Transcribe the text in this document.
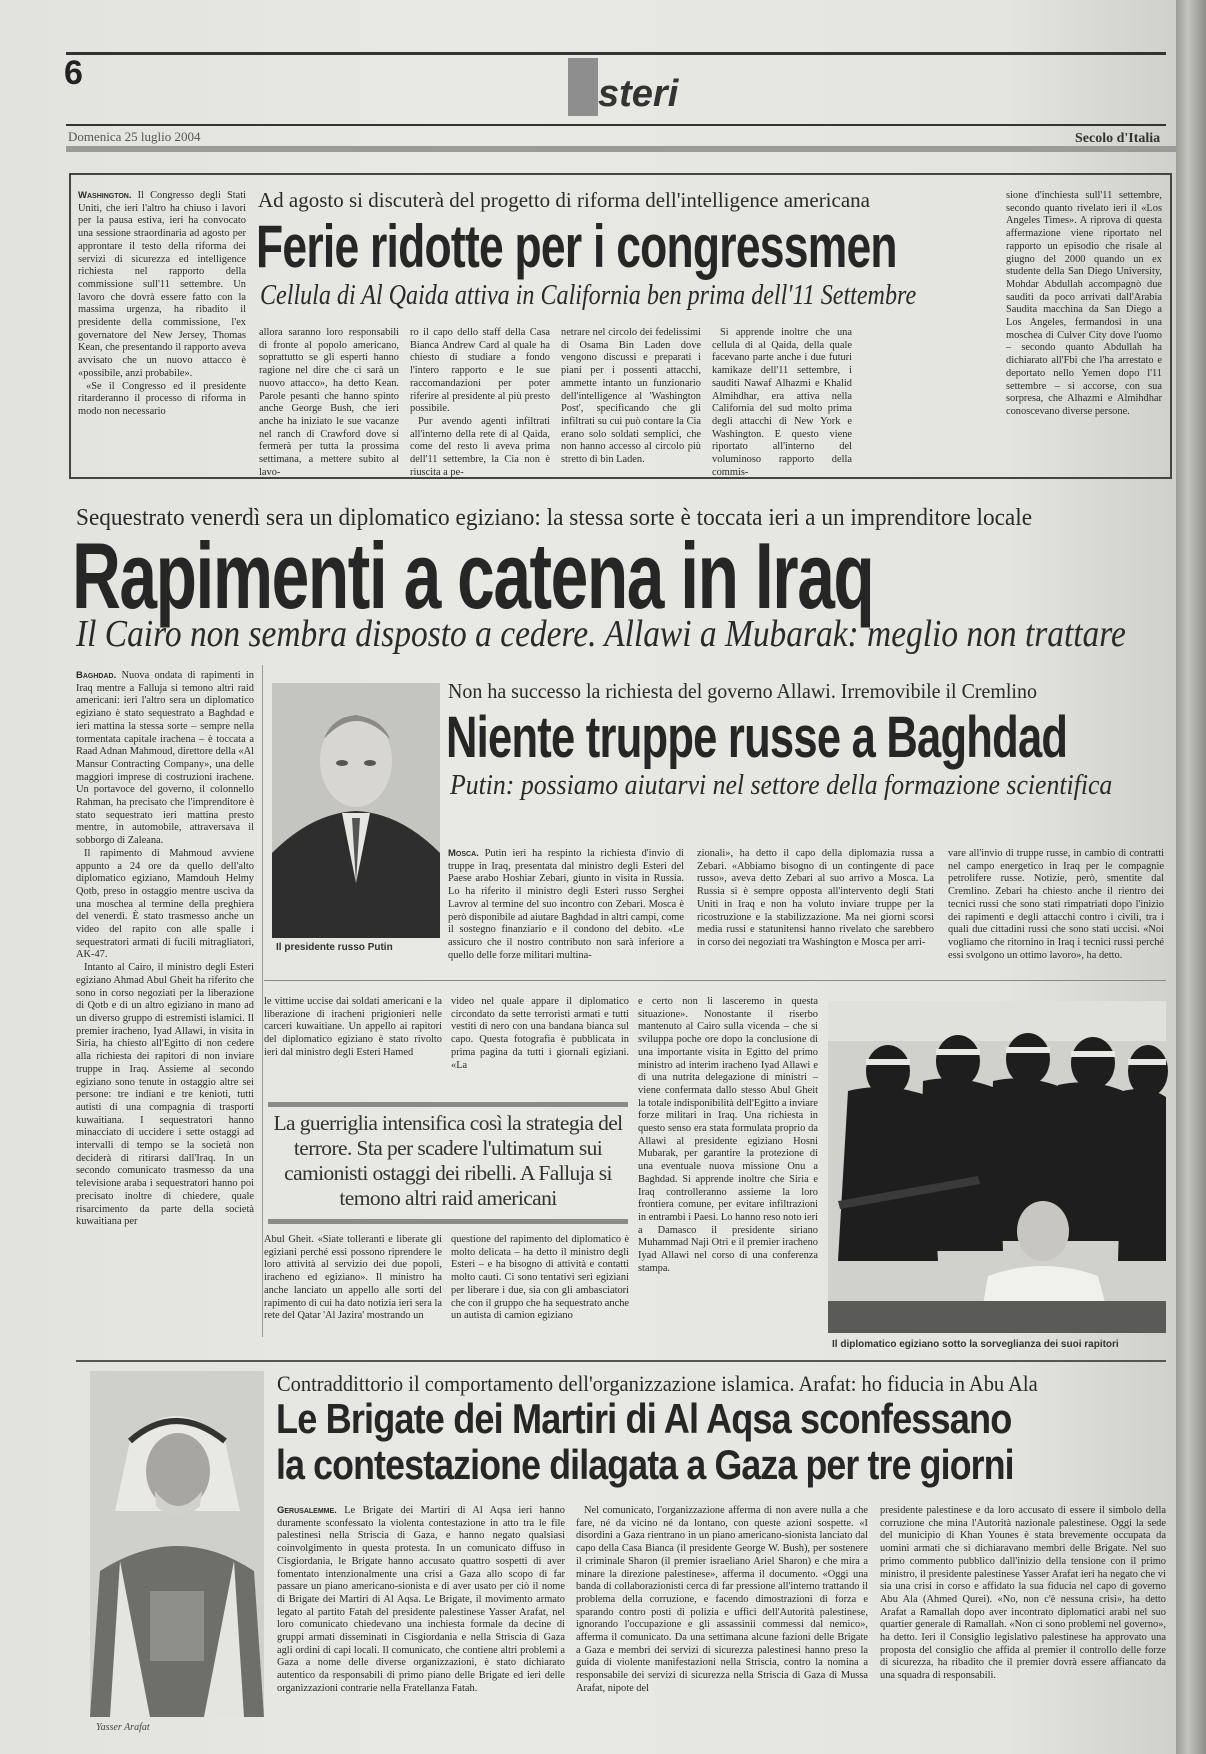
6	steri
Domenica 25 luglio 2004	Secolo d'Italia

Washington. Il Congresso degli Stati Uniti, che ieri l'altro ha chiuso i lavori per la pausa estiva, ieri ha convocato una sessione straordinaria ad agosto per approntare il testo della riforma dei servizi di sicurezza ed intelligence richiesta nel rapporto della commissione sull'11 settembre. Un lavoro che dovrà essere fatto con la massima urgenza, ha ribadito il presidente della commissione, l'ex governatore del New Jersey, Thomas Kean, che presentando il rapporto aveva avvisato che un nuovo attacco è «possibile, anzi probabile».

«Se il Congresso ed il presidente ritarderanno il processo di riforma in modo non necessario

Ad agosto si discuterà del progetto di riforma dell'intelligence americana
Ferie ridotte per i congressmen
Cellula di Al Qaida attiva in California ben prima dell'11 Settembre

allora saranno loro responsabili di fronte al popolo americano, soprattutto se gli esperti hanno ragione nel dire che ci sarà un nuovo attacco», ha detto Kean. Parole pesanti che hanno spinto anche George Bush, che ieri anche ha iniziato le sue vacanze nel ranch di Crawford dove si fermerà per tutta la prossima settimana, a mettere subito al lavo-

ro il capo dello staff della Casa Bianca Andrew Card al quale ha chiesto di studiare a fondo l'intero rapporto e le sue raccomandazioni per poter riferire al presidente al più presto possibile.

Pur avendo agenti infiltrati all'interno della rete di al Qaida, come del resto li aveva prima dell'11 settembre, la Cia non è riuscita a pe-

netrare nel circolo dei fedelissimi di Osama Bin Laden dove vengono discussi e preparati i piani per i possenti attacchi, ammette intanto un funzionario dell'intelligence al 'Washington Post', specificando che gli infiltrati su cui può contare la Cia erano solo soldati semplici, che non hanno accesso al circolo più stretto di bin Laden.

Si apprende inoltre che una cellula di al Qaida, della quale facevano parte anche i due futuri kamikaze dell'11 settembre, i sauditi Nawaf Alhazmi e Khalid Almihdhar, era attiva nella California del sud molto prima degli attacchi di New York e Washington. E questo viene riportato all'interno del voluminoso rapporto della commis-

sione d'inchiesta sull'11 settembre, secondo quanto rivelato ieri il «Los Angeles Times». A riprova di questa affermazione viene riportato nel rapporto un episodio che risale al giugno del 2000 quando un ex studente della San Diego University, Mohdar Abdullah accompagnò due sauditi da poco arrivati dall'Arabia Saudita macchina da San Diego a Los Angeles, fermandosi in una moschea di Culver City dove l'uomo – secondo quanto Abdullah ha dichiarato all'Fbi che l'ha arrestato e deportato nello Yemen dopo l'11 settembre – si accorse, con sua sorpresa, che Alhazmi e Almihdhar conoscevano diverse persone.

Sequestrato venerdì sera un diplomatico egiziano: la stessa sorte è toccata ieri a un imprenditore locale
Rapimenti a catena in Iraq
Il Cairo non sembra disposto a cedere. Allawi a Mubarak: meglio non trattare

Baghdad. Nuova ondata di rapimenti in Iraq mentre a Falluja si temono altri raid americani: ieri l'altro sera un diplomatico egiziano è stato sequestrato a Baghdad e ieri mattina la stessa sorte – sempre nella tormentata capitale irachena – è toccata a Raad Adnan Mahmoud, direttore della «Al Mansur Contracting Company», una delle maggiori imprese di costruzioni irachene. Un portavoce del governo, il colonnello Rahman, ha precisato che l'imprenditore è stato sequestrato ieri mattina presto mentre, in automobile, attraversava il sobborgo di Zaleana.

Il rapimento di Mahmoud avviene appunto a 24 ore da quello dell'alto diplomatico egiziano, Mamdouh Helmy Qotb, preso in ostaggio mentre usciva da una moschea al termine della preghiera del venerdì. È stato trasmesso anche un video del rapito con alle spalle i sequestratori armati di fucili mitragliatori, AK-47.

Intanto al Cairo, il ministro degli Esteri egiziano Ahmad Abul Gheit ha riferito che sono in corso negoziati per la liberazione di Qotb e di un altro egiziano in mano ad un diverso gruppo di estremisti islamici. Il premier iracheno, Iyad Allawi, in visita in Siria, ha chiesto all'Egitto di non cedere alla richiesta dei rapitori di non inviare truppe in Iraq. Assieme al secondo egiziano sono tenute in ostaggio altre sei persone: tre indiani e tre kenioti, tutti autisti di una compagnia di trasporti kuwaitiana. I sequestratori hanno minacciato di uccidere i sette ostaggi ad intervalli di tempo se la società non deciderà di ritirarsi dall'Iraq. In un secondo comunicato trasmesso da una televisione araba i sequestratori hanno poi precisato inoltre di chiedere, quale risarcimento da parte della società kuwaitiana per

Il presidente russo Putin
Non ha successo la richiesta del governo Allawi. Irremovibile il Cremlino
Niente truppe russe a Baghdad
Putin: possiamo aiutarvi nel settore della formazione scientifica

Mosca. Putin ieri ha respinto la richiesta d'invio di truppe in Iraq, presentata dal ministro degli Esteri del Paese arabo Hoshiar Zebari, giunto in visita in Russia. Lo ha riferito il ministro degli Esteri russo Serghei Lavrov al termine del suo incontro con Zebari. Mosca è però disponibile ad aiutare Baghdad in altri campi, come il sostegno finanziario e il condono del debito. «Le assicuro che il nostro contributo non sarà inferiore a quello delle forze militari multina-

zionali», ha detto il capo della diplomazia russa a Zebari. «Abbiamo bisogno di un contingente di pace russo», aveva detto Zebari al suo arrivo a Mosca. La Russia si è sempre opposta all'intervento degli Stati Uniti in Iraq e non ha voluto inviare truppe per la ricostruzione e la stabilizzazione. Ma nei giorni scorsi media russi e statunitensi hanno rivelato che sarebbero in corso dei negoziati tra Washington e Mosca per arri-

vare all'invio di truppe russe, in cambio di contratti nel campo energetico in Iraq per le compagnie petrolifere russe. Notizie, però, smentite dal Cremlino. Zebari ha chiesto anche il rientro dei tecnici russi che sono stati rimpatriati dopo l'inizio dei rapimenti e degli attacchi contro i civili, tra i quali due cittadini russi che sono stati uccisi. «Noi vogliamo che ritornino in Iraq i tecnici russi perché essi svolgono un ottimo lavoro», ha detto.

le vittime uccise dai soldati americani e la liberazione di iracheni prigionieri nelle carceri kuwaitiane. Un appello ai rapitori del diplomatico egiziano è stato rivolto ieri dal ministro degli Esteri Hamed

video nel quale appare il diplomatico circondato da sette terroristi armati e tutti vestiti di nero con una bandana bianca sul capo. Questa fotografia è pubblicata in prima pagina da tutti i giornali egiziani. «La

e certo non li lasceremo in questa situazione». Nonostante il riserbo mantenuto al Cairo sulla vicenda – che si sviluppa poche ore dopo la conclusione di una importante visita in Egitto del primo ministro ad interim iracheno Iyad Allawi e di una nutrita delegazione di ministri – viene confermata dallo stesso Abul Gheit la totale indisponibilità dell'Egitto a inviare forze militari in Iraq. Una richiesta in questo senso era stata formulata proprio da Allawi al presidente egiziano Hosni Mubarak, per garantire la protezione di una eventuale nuova missione Onu a Baghdad. Si apprende inoltre che Siria e Iraq controlleranno assieme la loro frontiera comune, per evitare infiltrazioni in entrambi i Paesi. Lo hanno reso noto ieri a Damasco il presidente siriano Muhammad Naji Otri e il premier iracheno Iyad Allawi nel corso di una conferenza stampa.

La guerriglia intensifica così la strategia del terrore. Sta per scadere l'ultimatum sui camionisti ostaggi dei ribelli. A Falluja si temono altri raid americani

Abul Gheit. «Siate tolleranti e liberate gli egiziani perché essi possono riprendere le loro attività al servizio dei due popoli, iracheno ed egiziano». Il ministro ha anche lanciato un appello alle sorti del rapimento di cui ha dato notizia ieri sera la rete del Qatar 'Al Jazira' mostrando un

questione del rapimento del diplomatico è molto delicata – ha detto il ministro degli Esteri – e ha bisogno di attività e contatti molto cauti. Ci sono tentativi seri egiziani per liberare i due, sia con gli ambasciatori che con il gruppo che ha sequestrato anche un autista di camion egiziano

Il diplomatico egiziano sotto la sorveglianza dei suoi rapitori
Yasser Arafat
Contraddittorio il comportamento dell'organizzazione islamica. Arafat: ho fiducia in Abu Ala
Le Brigate dei Martiri di Al Aqsa sconfessano
la contestazione dilagata a Gaza per tre giorni

Gerusalemme. Le Brigate dei Martiri di Al Aqsa ieri hanno duramente sconfessato la violenta contestazione in atto tra le file palestinesi nella Striscia di Gaza, e hanno negato qualsiasi coinvolgimento in questa protesta. In un comunicato diffuso in Cisgiordania, le Brigate hanno accusato quattro sospetti di aver fomentato intenzionalmente una crisi a Gaza allo scopo di far passare un piano americano-sionista e di aver usato per ciò il nome di Brigate dei Martiri di Al Aqsa. Le Brigate, il movimento armato legato al partito Fatah del presidente palestinese Yasser Arafat, nel loro comunicato chiedevano una inchiesta formale da decine di gruppi armati disseminati in Cisgiordania e nella Striscia di Gaza agli ordini di capi locali. Il comunicato, che contiene altri problemi a Gaza a nome delle diverse organizzazioni, è stato dichiarato autentico da responsabili di primo piano delle Brigate ed ieri delle organizzazioni contrarie nella Fratellanza Fatah.

Nel comunicato, l'organizzazione afferma di non avere nulla a che fare, né da vicino né da lontano, con queste azioni sospette. «I disordini a Gaza rientrano in un piano americano-sionista lanciato dal capo della Casa Bianca (il presidente George W. Bush), per sostenere il criminale Sharon (il premier israeliano Ariel Sharon) e che mira a minare la direzione palestinese», afferma il documento. «Oggi una banda di collaborazionisti cerca di far pressione all'interno trattando il problema della corruzione, e facendo dimostrazioni di forza e sparando contro posti di polizia e uffici dell'Autorità palestinese, ignorando l'occupazione e gli assassinii commessi dal nemico», afferma il comunicato. Da una settimana alcune fazioni delle Brigate a Gaza e membri dei servizi di sicurezza palestinesi hanno preso la guida di violente manifestazioni nella Striscia, contro la nomina a responsabile dei servizi di sicurezza nella Striscia di Gaza di Mussa Arafat, nipote del

presidente palestinese e da loro accusato di essere il simbolo della corruzione che mina l'Autorità nazionale palestinese. Oggi la sede del municipio di Khan Younes è stata brevemente occupata da uomini armati che si dichiaravano membri delle Brigate. Nel suo primo commento pubblico dall'inizio della tensione con il primo ministro, il presidente palestinese Yasser Arafat ieri ha negato che vi sia una crisi in corso e affidato la sua fiducia nel capo di governo Abu Ala (Ahmed Qurei). «No, non c'è nessuna crisi», ha detto Arafat a Ramallah dopo aver incontrato diplomatici arabi nel suo quartier generale di Ramallah. «Non ci sono problemi nel governo», ha detto. Ieri il Consiglio legislativo palestinese ha approvato una proposta del consiglio che affida al premier il controllo delle forze di sicurezza, ha ribadito che il premier dovrà essere affiancato da una squadra di responsabili.
